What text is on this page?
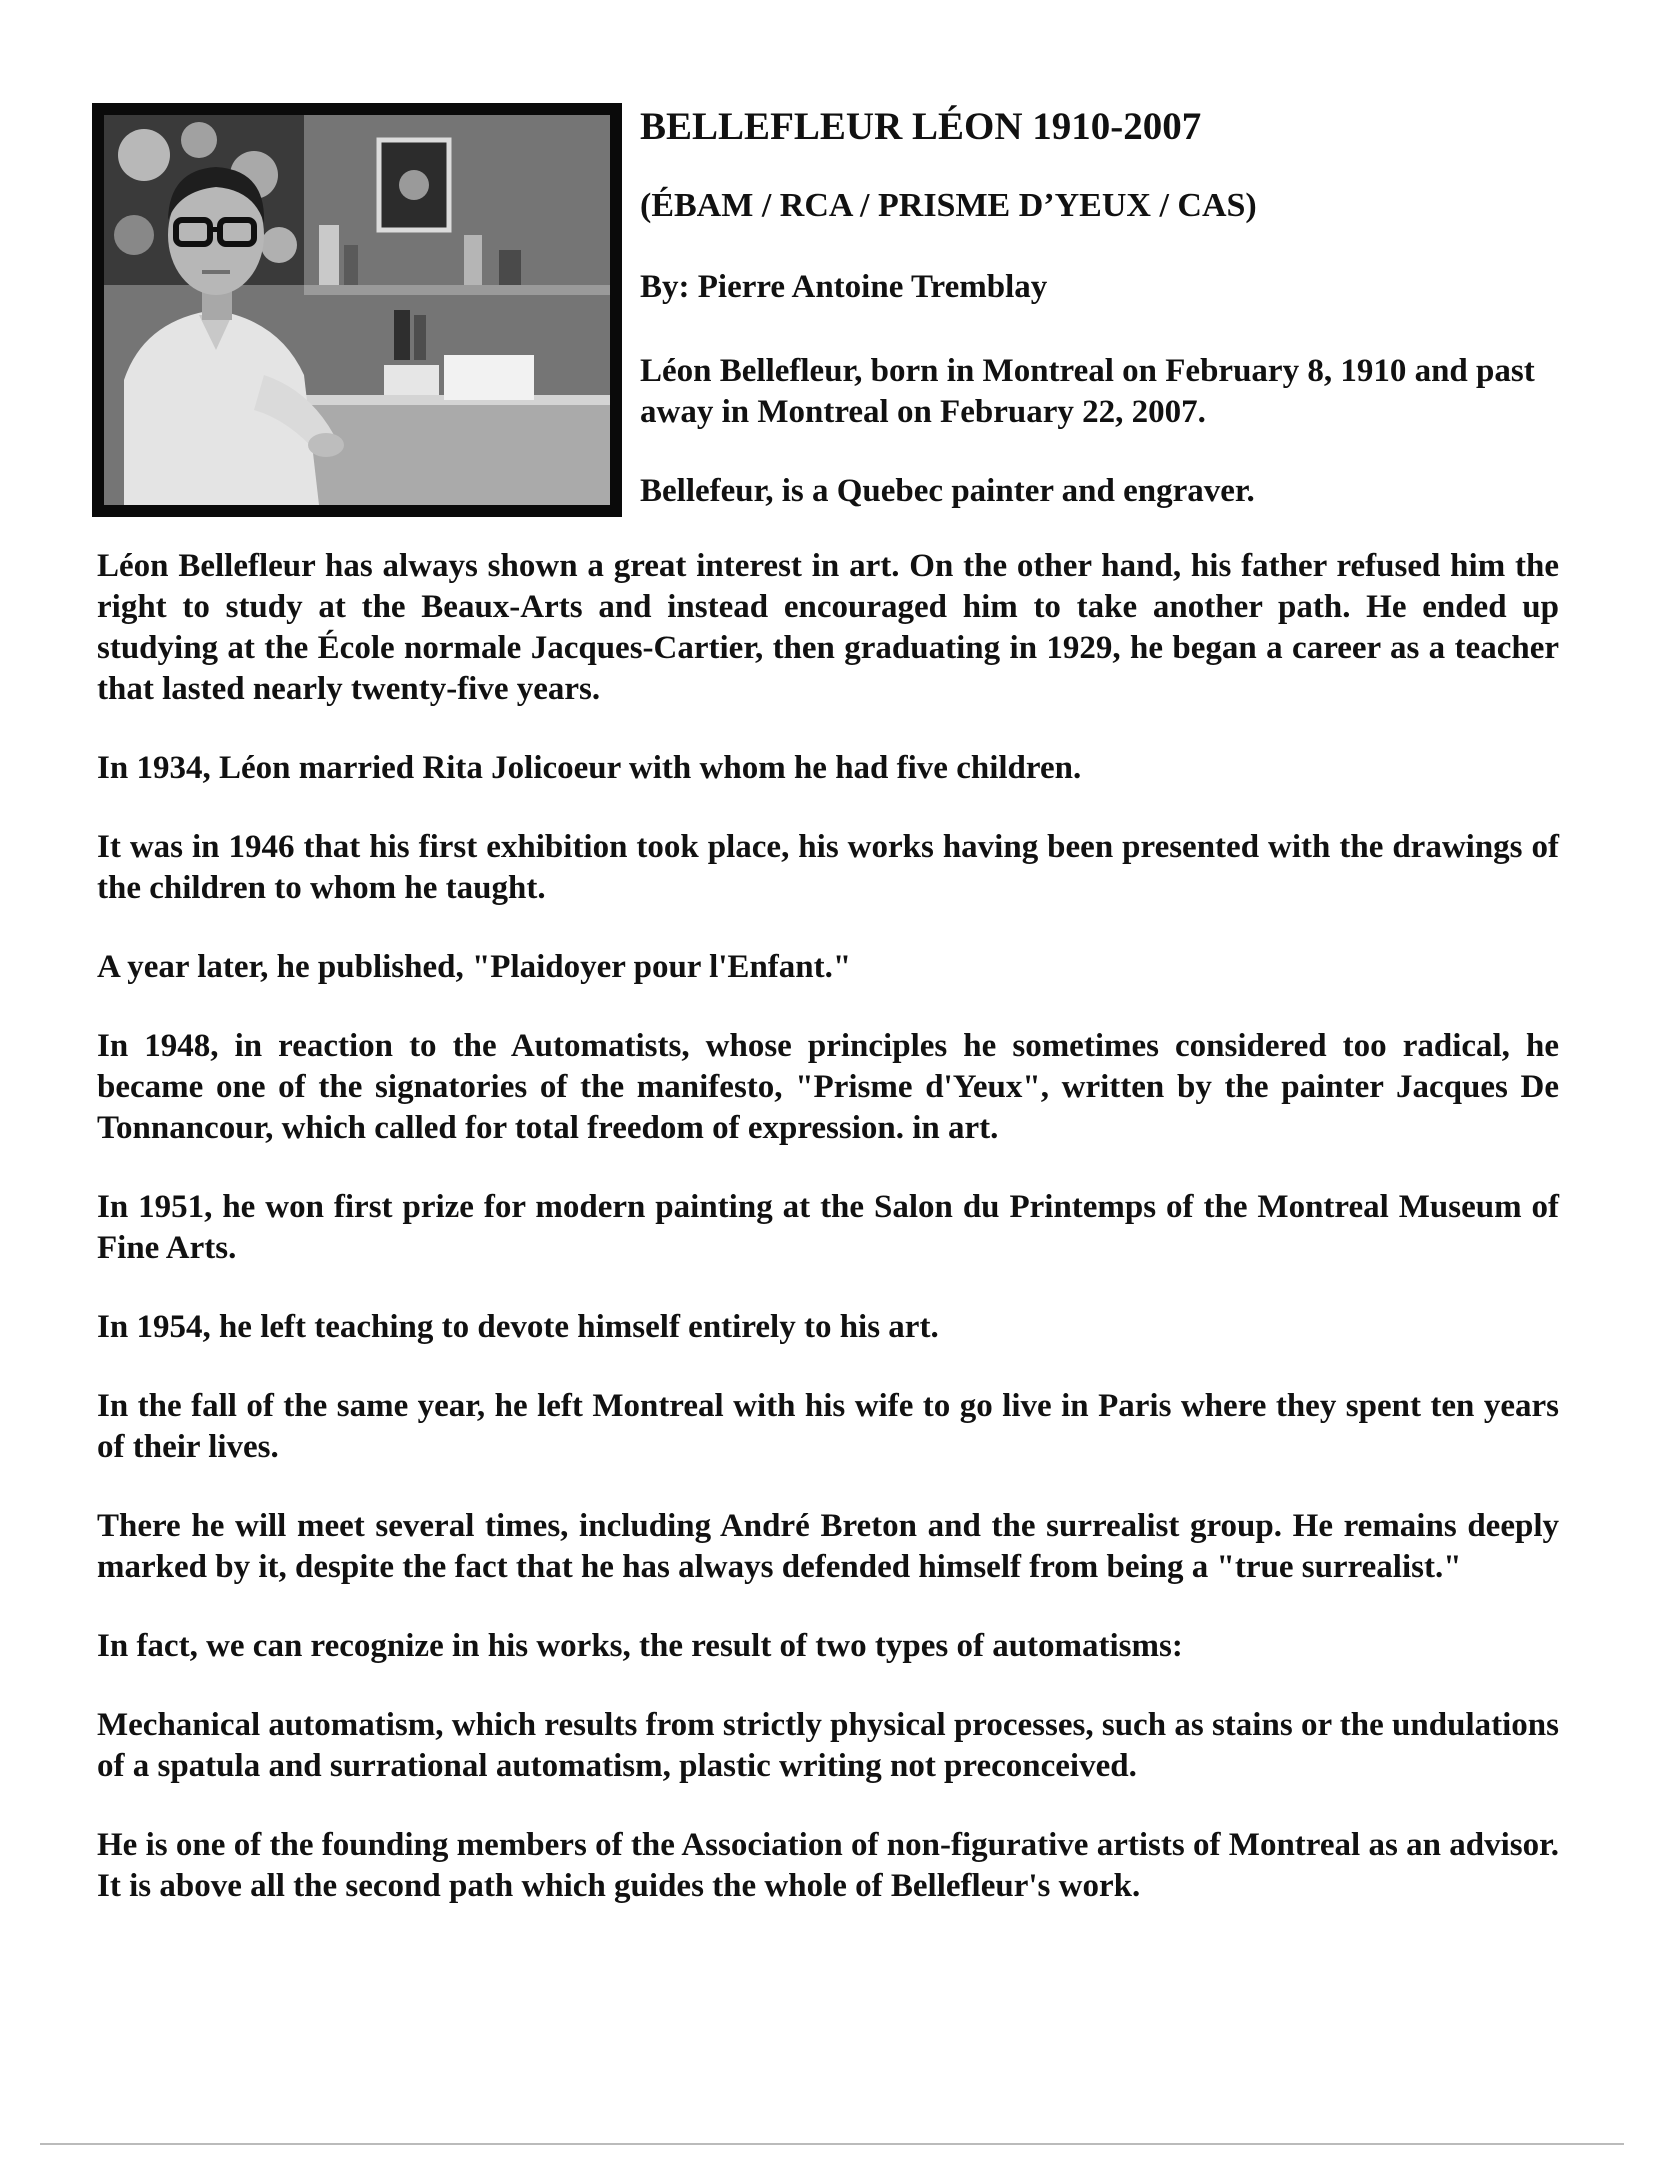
BELLEFLEUR LÉON 1910-2007

(ÉBAM / RCA / PRISME D’YEUX / CAS)

By: Pierre Antoine Tremblay

Léon Bellefleur, born in Montreal on February 8, 1910 and past away in Montreal on February 22, 2007.

Bellefeur, is a Quebec painter and engraver.

Léon Bellefleur has always shown a great interest in art. On the other hand, his father refused him the right to study at the Beaux-Arts and instead encouraged him to take another path. He ended up studying at the École normale Jacques-Cartier, then graduating in 1929, he began a career as a teacher that lasted nearly twenty-five years.

In 1934, Léon married Rita Jolicoeur with whom he had five children.

It was in 1946 that his first exhibition took place, his works having been presented with the drawings of the children to whom he taught.

A year later, he published, "Plaidoyer pour l'Enfant."

In 1948, in reaction to the Automatists, whose principles he sometimes considered too radical, he became one of the signatories of the manifesto, "Prisme d'Yeux", written by the painter Jacques De Tonnancour, which called for total freedom of expression. in art.

In 1951, he won first prize for modern painting at the Salon du Printemps of the Montreal Museum of Fine Arts.

In 1954, he left teaching to devote himself entirely to his art.

In the fall of the same year, he left Montreal with his wife to go live in Paris where they spent ten years of their lives.

There he will meet several times, including André Breton and the surrealist group. He remains deeply marked by it, despite the fact that he has always defended himself from being a "true surrealist."

In fact, we can recognize in his works, the result of two types of automatisms:

Mechanical automatism, which results from strictly physical processes, such as stains or the undulations of a spatula and surrational automatism, plastic writing not preconceived.

He is one of the founding members of the Association of non-figurative artists of Montreal as an advisor. It is above all the second path which guides the whole of Bellefleur's work.
